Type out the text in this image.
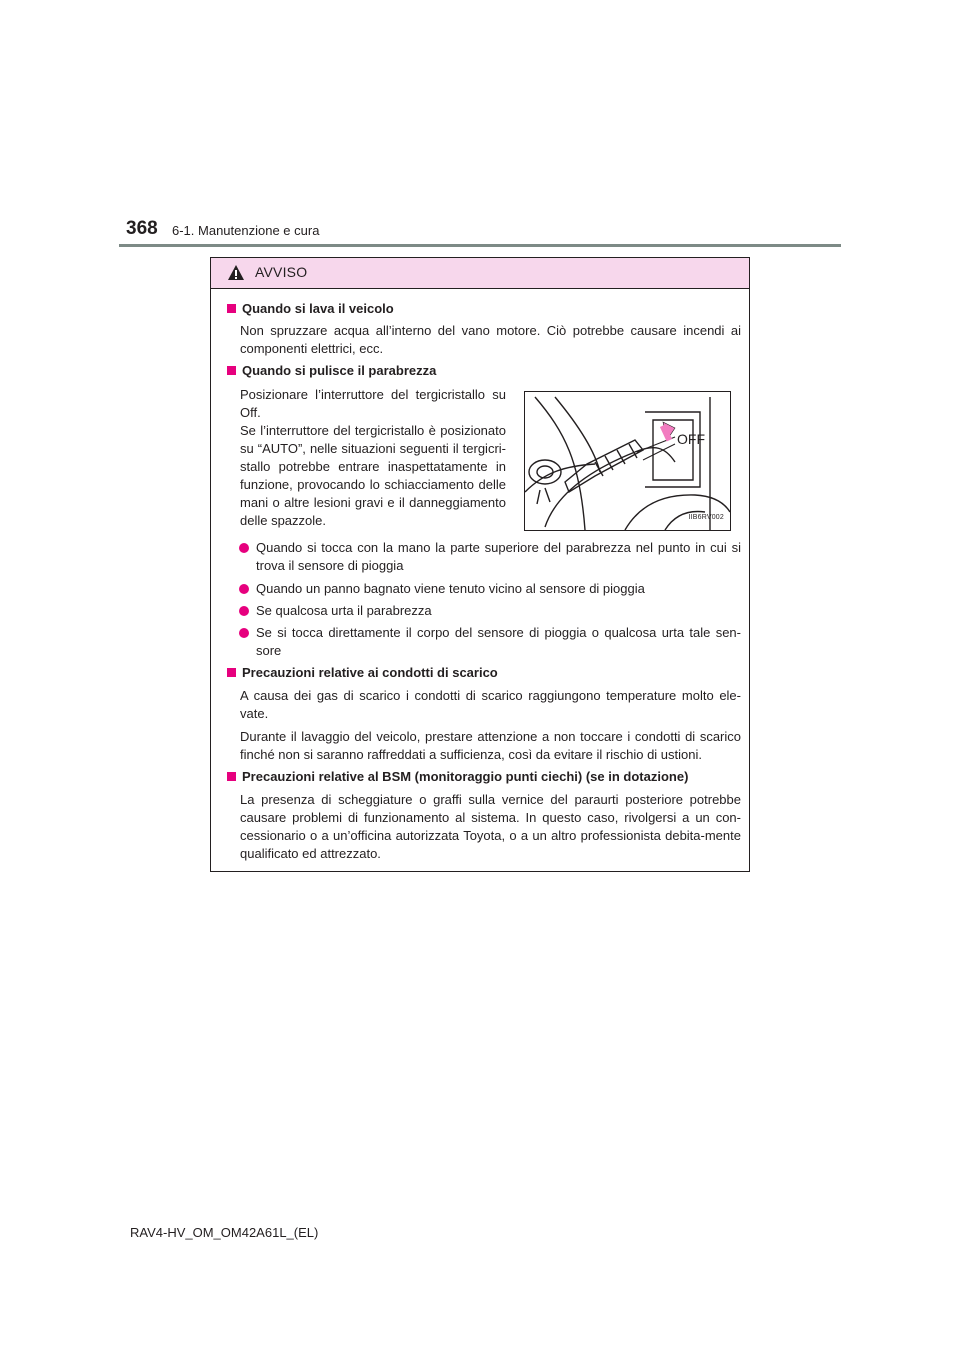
368 6-1. Manutenzione e cura
AVVISO
Quando si lava il veicolo
Non spruzzare acqua all’interno del vano motore. Ciò potrebbe causare incendi ai componenti elettrici, ecc.
Quando si pulisce il parabrezza
Posizionare l’interruttore del tergicristallo su Off.
Se l’interruttore del tergicristallo è posizionato su “AUTO”, nelle situazioni seguenti il tergicri-stallo potrebbe entrare inaspettatamente in funzione, provocando lo schiacciamento delle mani o altre lesioni gravi e il danneggiamento delle spazzole.
OFF
IIB6RV002
Quando si tocca con la mano la parte superiore del parabrezza nel punto in cui si trova il sensore di pioggia
Quando un panno bagnato viene tenuto vicino al sensore di pioggia
Se qualcosa urta il parabrezza
Se si tocca direttamente il corpo del sensore di pioggia o qualcosa urta tale sen-sore
Precauzioni relative ai condotti di scarico
A causa dei gas di scarico i condotti di scarico raggiungono temperature molto ele-vate.
Durante il lavaggio del veicolo, prestare attenzione a non toccare i condotti di scarico finché non si saranno raffreddati a sufficienza, così da evitare il rischio di ustioni.
Precauzioni relative al BSM (monitoraggio punti ciechi) (se in dotazione)
La presenza di scheggiature o graffi sulla vernice del paraurti posteriore potrebbe causare problemi di funzionamento al sistema. In questo caso, rivolgersi a un con-cessionario o a un’officina autorizzata Toyota, o a un altro professionista debita-mente qualificato ed attrezzato.
RAV4-HV_OM_OM42A61L_(EL)
